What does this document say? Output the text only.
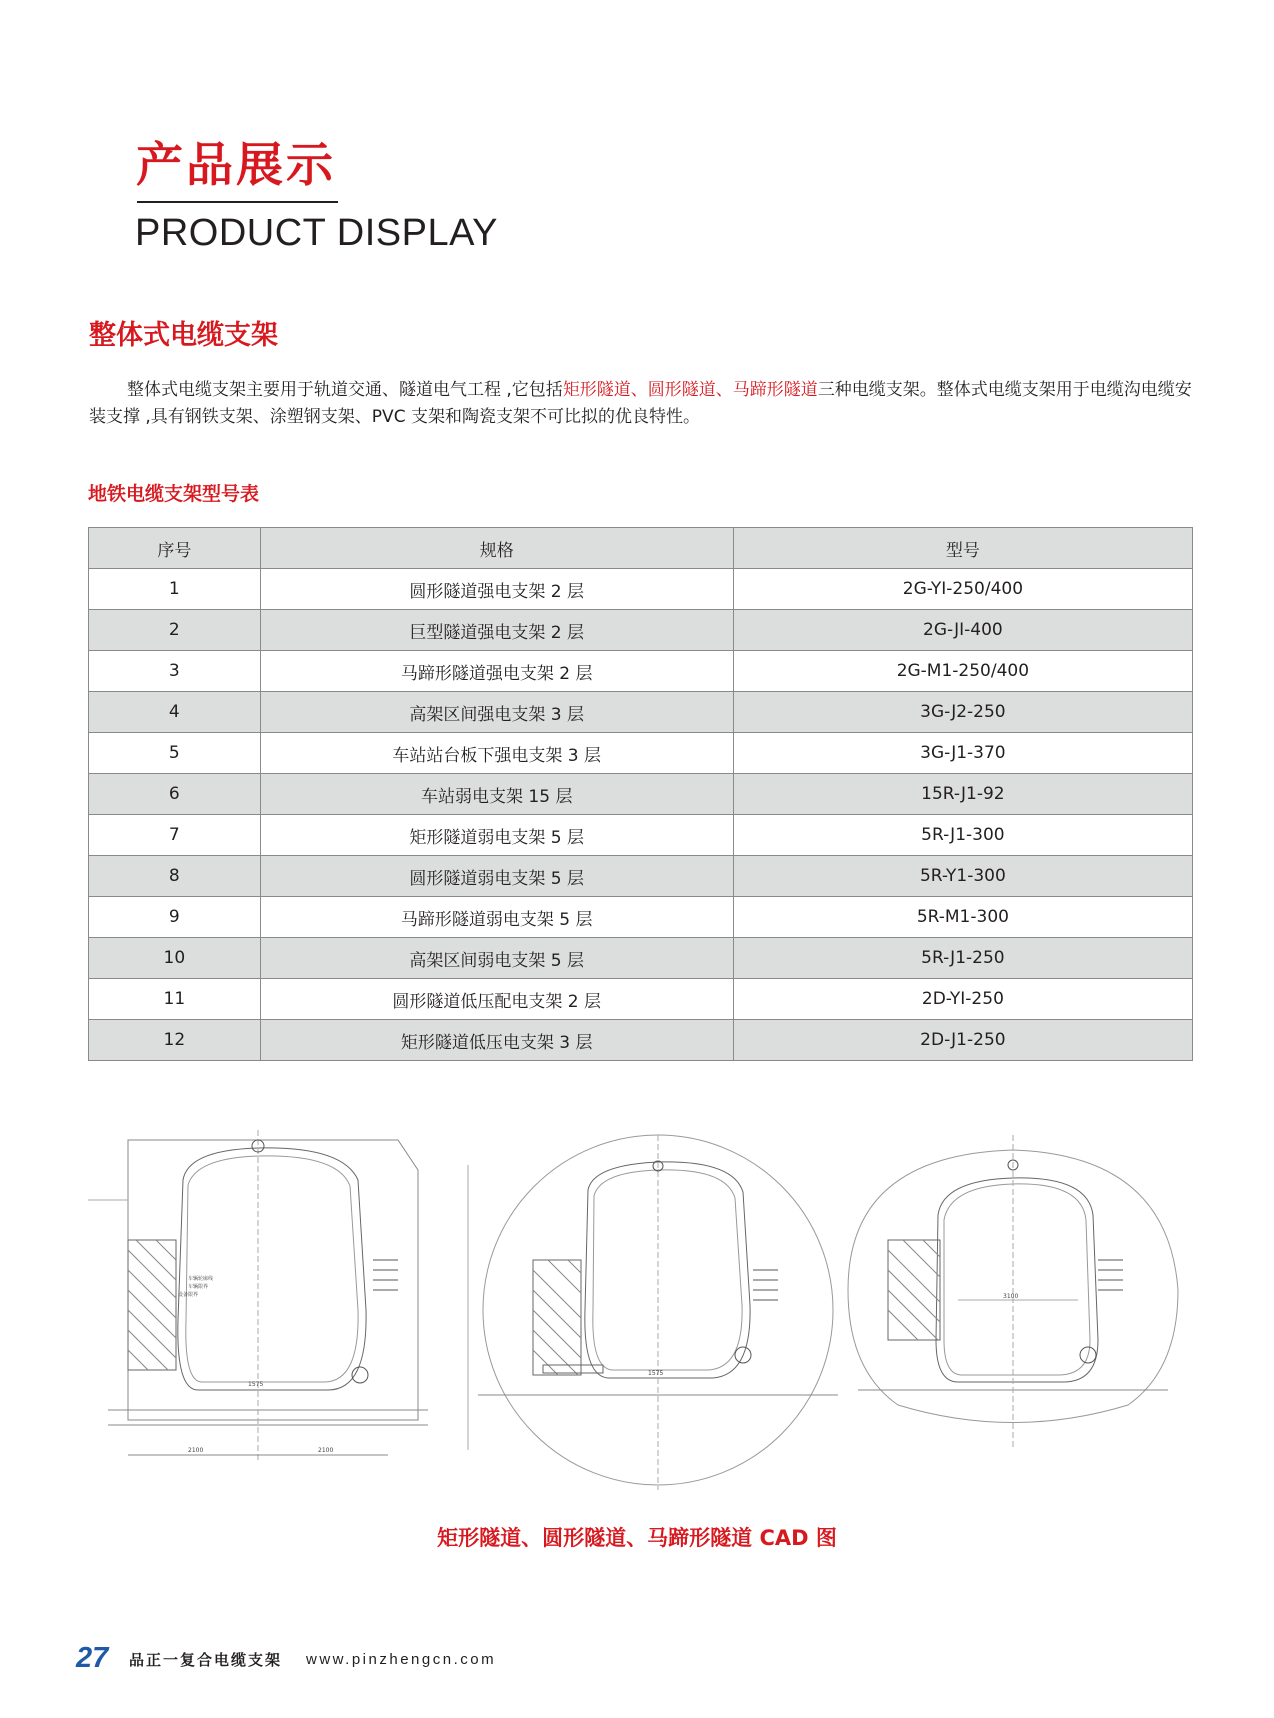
产品展示
PRODUCT DISPLAY
整体式电缆支架
整体式电缆支架主要用于轨道交通、隧道电气工程 ,它包括矩形隧道、圆形隧道、马蹄形隧道三种电缆支架。整体式电缆支架用于电缆沟电缆安装支撑 ,具有钢铁支架、涂塑钢支架、PVC 支架和陶瓷支架不可比拟的优良特性。
地铁电缆支架型号表
序号	规格	型号
1	圆形隧道强电支架 2 层	2G-YI-250/400
2	巨型隧道强电支架 2 层	2G-JI-400
3	马蹄形隧道强电支架 2 层	2G-M1-250/400
4	高架区间强电支架 3 层	3G-J2-250
5	车站站台板下强电支架 3 层	3G-J1-370
6	车站弱电支架 15 层	15R-J1-92
7	矩形隧道弱电支架 5 层	5R-J1-300
8	圆形隧道弱电支架 5 层	5R-Y1-300
9	马蹄形隧道弱电支架 5 层	5R-M1-300
10	高架区间弱电支架 5 层	5R-J1-250
11	圆形隧道低压配电支架 2 层	2D-YI-250
12	矩形隧道低压电支架 3 层	2D-J1-250
车辆轮廓线
车辆限界
设备限界
1575
2100	2100
1575
3100
矩形隧道、圆形隧道、马蹄形隧道 CAD 图
27 品正一复合电缆支架 www.pinzhengcn.com
